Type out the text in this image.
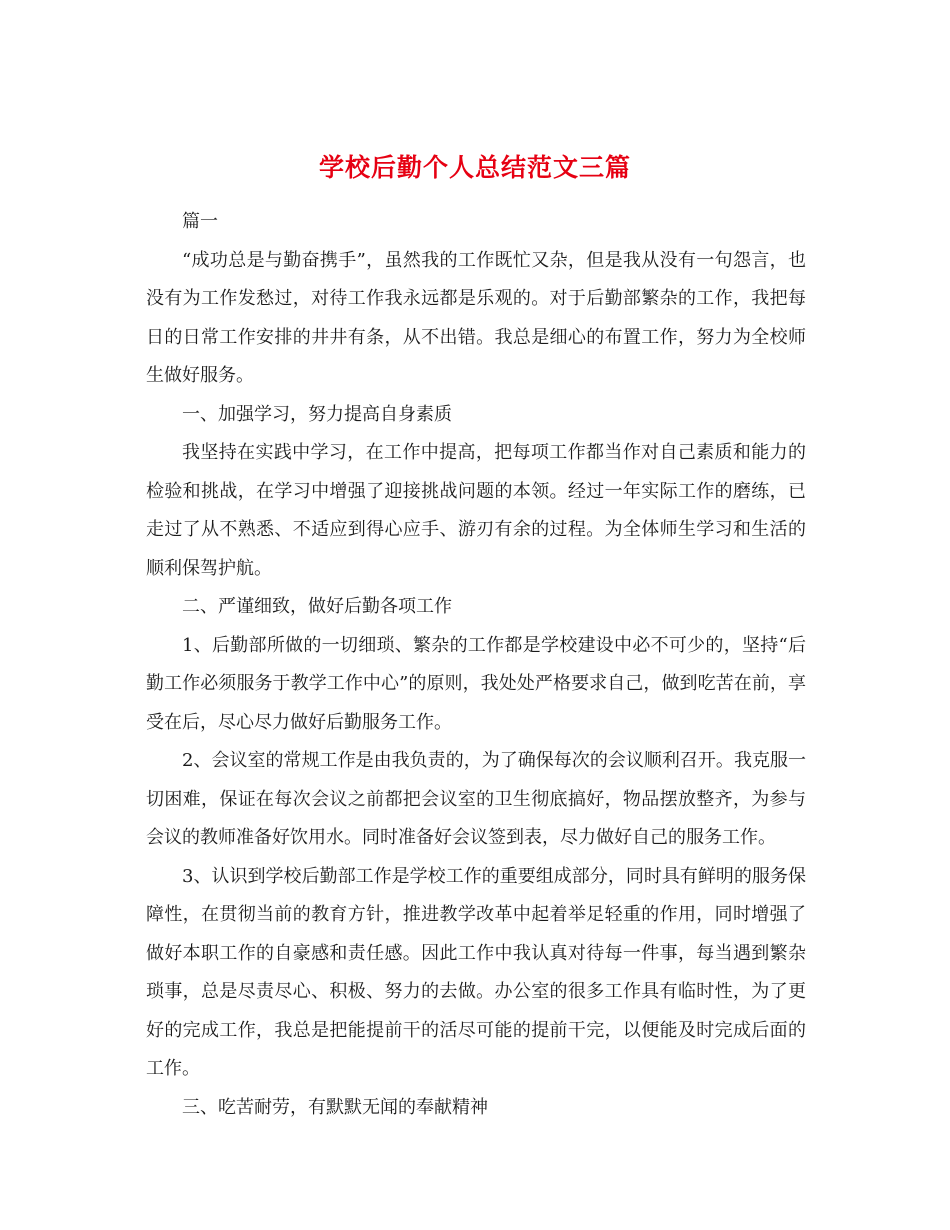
学校后勤个人总结范文三篇

篇一

“成功总是与勤奋携手”，虽然我的工作既忙又杂，但是我从没有一句怨言，也没有为工作发愁过，对待工作我永远都是乐观的。对于后勤部繁杂的工作，我把每日的日常工作安排的井井有条，从不出错。我总是细心的布置工作，努力为全校师生做好服务。

一、加强学习，努力提高自身素质

我坚持在实践中学习，在工作中提高，把每项工作都当作对自己素质和能力的检验和挑战，在学习中增强了迎接挑战问题的本领。经过一年实际工作的磨练，已走过了从不熟悉、不适应到得心应手、游刃有余的过程。为全体师生学习和生活的顺利保驾护航。

二、严谨细致，做好后勤各项工作

1、后勤部所做的一切细琐、繁杂的工作都是学校建设中必不可少的，坚持“后勤工作必须服务于教学工作中心”的原则，我处处严格要求自己，做到吃苦在前，享受在后，尽心尽力做好后勤服务工作。

2、会议室的常规工作是由我负责的，为了确保每次的会议顺利召开。我克服一切困难，保证在每次会议之前都把会议室的卫生彻底搞好，物品摆放整齐，为参与会议的教师准备好饮用水。同时准备好会议签到表，尽力做好自己的服务工作。

3、认识到学校后勤部工作是学校工作的重要组成部分，同时具有鲜明的服务保障性，在贯彻当前的教育方针，推进教学改革中起着举足轻重的作用，同时增强了做好本职工作的自豪感和责任感。因此工作中我认真对待每一件事，每当遇到繁杂琐事，总是尽责尽心、积极、努力的去做。办公室的很多工作具有临时性，为了更好的完成工作，我总是把能提前干的活尽可能的提前干完，以便能及时完成后面的工作。

三、吃苦耐劳，有默默无闻的奉献精神
